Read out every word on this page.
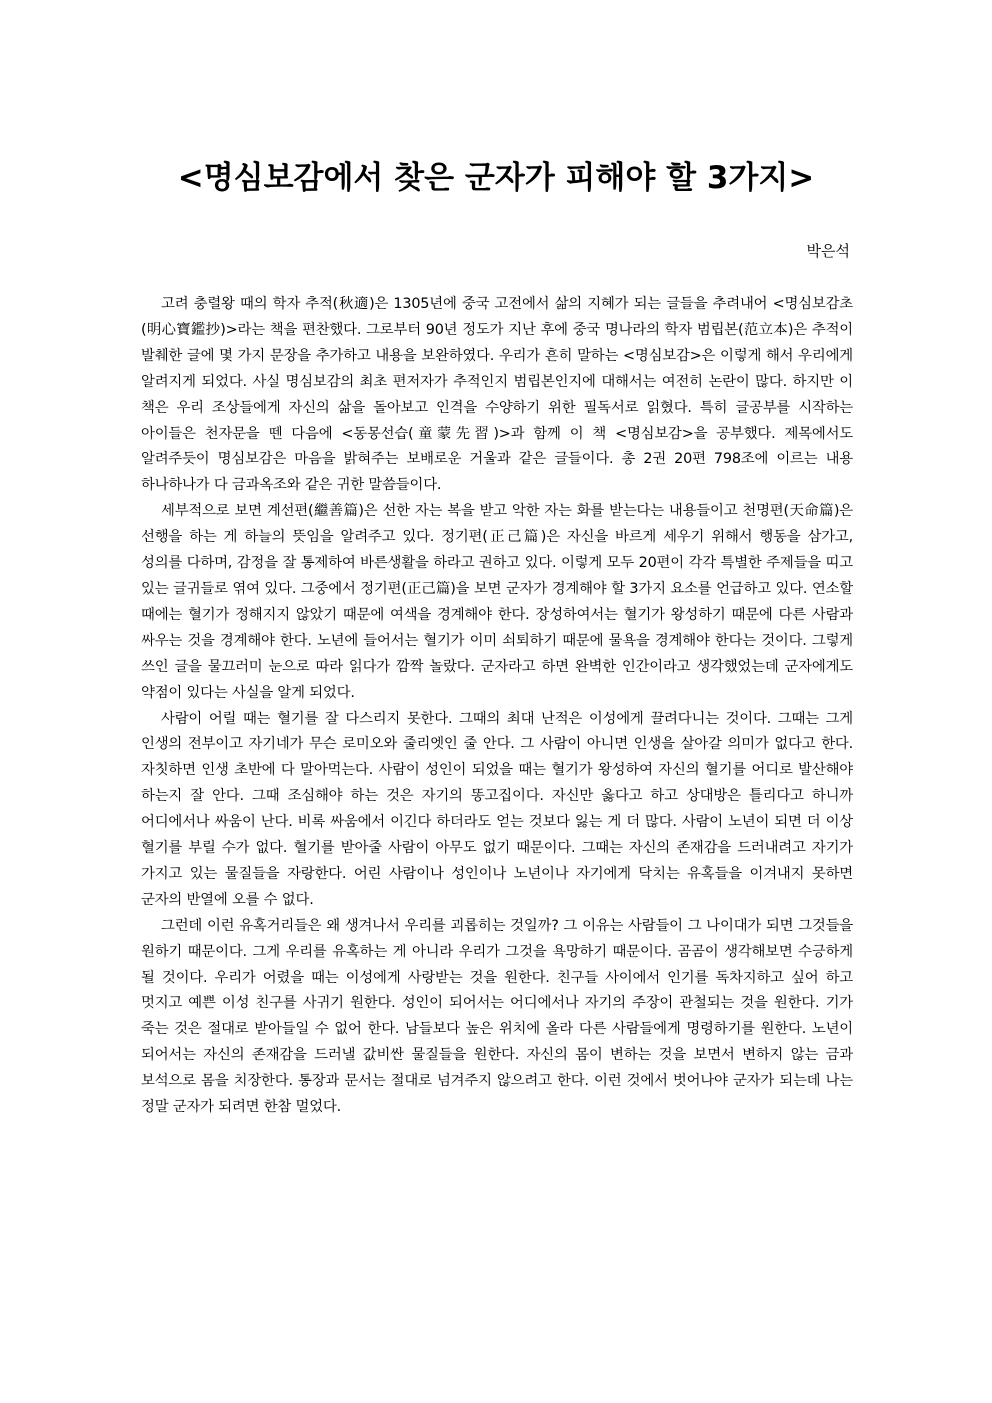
<명심보감에서 찾은 군자가 피해야 할 3가지>
박은석

고려 충렬왕 때의 학자 추적(秋適)은 1305년에 중국 고전에서 삶의 지혜가 되는 글들을 추려내어 <명심보감초(明心寶鑑抄)>라는 책을 편찬했다. 그로부터 90년 정도가 지난 후에 중국 명나라의 학자 범립본(范立本)은 추적이 발췌한 글에 몇 가지 문장을 추가하고 내용을 보완하였다. 우리가 흔히 말하는 <명심보감>은 이렇게 해서 우리에게 알려지게 되었다. 사실 명심보감의 최초 편저자가 추적인지 범립본인지에 대해서는 여전히 논란이 많다. 하지만 이 책은 우리 조상들에게 자신의 삶을 돌아보고 인격을 수양하기 위한 필독서로 읽혔다. 특히 글공부를 시작하는 아이들은 천자문을 뗀 다음에 <동몽선습(童蒙先習)>과 함께 이 책 <명심보감>을 공부했다. 제목에서도 알려주듯이 명심보감은 마음을 밝혀주는 보배로운 거울과 같은 글들이다. 총 2권 20편 798조에 이르는 내용 하나하나가 다 금과옥조와 같은 귀한 말씀들이다.

세부적으로 보면 계선편(繼善篇)은 선한 자는 복을 받고 악한 자는 화를 받는다는 내용들이고 천명편(天命篇)은 선행을 하는 게 하늘의 뜻임을 알려주고 있다. 정기편(正己篇)은 자신을 바르게 세우기 위해서 행동을 삼가고, 성의를 다하며, 감정을 잘 통제하여 바른생활을 하라고 권하고 있다. 이렇게 모두 20편이 각각 특별한 주제들을 띠고 있는 글귀들로 엮여 있다. 그중에서 정기편(正己篇)을 보면 군자가 경계해야 할 3가지 요소를 언급하고 있다. 연소할 때에는 혈기가 정해지지 않았기 때문에 여색을 경계해야 한다. 장성하여서는 혈기가 왕성하기 때문에 다른 사람과 싸우는 것을 경계해야 한다. 노년에 들어서는 혈기가 이미 쇠퇴하기 때문에 물욕을 경계해야 한다는 것이다. 그렇게 쓰인 글을 물끄러미 눈으로 따라 읽다가 깜짝 놀랐다. 군자라고 하면 완벽한 인간이라고 생각했었는데 군자에게도 약점이 있다는 사실을 알게 되었다.

사람이 어릴 때는 혈기를 잘 다스리지 못한다. 그때의 최대 난적은 이성에게 끌려다니는 것이다. 그때는 그게 인생의 전부이고 자기네가 무슨 로미오와 줄리엣인 줄 안다. 그 사람이 아니면 인생을 살아갈 의미가 없다고 한다. 자칫하면 인생 초반에 다 말아먹는다. 사람이 성인이 되었을 때는 혈기가 왕성하여 자신의 혈기를 어디로 발산해야 하는지 잘 안다. 그때 조심해야 하는 것은 자기의 똥고집이다. 자신만 옳다고 하고 상대방은 틀리다고 하니까 어디에서나 싸움이 난다. 비록 싸움에서 이긴다 하더라도 얻는 것보다 잃는 게 더 많다. 사람이 노년이 되면 더 이상 혈기를 부릴 수가 없다. 혈기를 받아줄 사람이 아무도 없기 때문이다. 그때는 자신의 존재감을 드러내려고 자기가 가지고 있는 물질들을 자랑한다. 어린 사람이나 성인이나 노년이나 자기에게 닥치는 유혹들을 이겨내지 못하면 군자의 반열에 오를 수 없다.

그런데 이런 유혹거리들은 왜 생겨나서 우리를 괴롭히는 것일까? 그 이유는 사람들이 그 나이대가 되면 그것들을 원하기 때문이다. 그게 우리를 유혹하는 게 아니라 우리가 그것을 욕망하기 때문이다. 곰곰이 생각해보면 수긍하게 될 것이다. 우리가 어렸을 때는 이성에게 사랑받는 것을 원한다. 친구들 사이에서 인기를 독차지하고 싶어 하고 멋지고 예쁜 이성 친구를 사귀기 원한다. 성인이 되어서는 어디에서나 자기의 주장이 관철되는 것을 원한다. 기가 죽는 것은 절대로 받아들일 수 없어 한다. 남들보다 높은 위치에 올라 다른 사람들에게 명령하기를 원한다. 노년이 되어서는 자신의 존재감을 드러낼 값비싼 물질들을 원한다. 자신의 몸이 변하는 것을 보면서 변하지 않는 금과 보석으로 몸을 치장한다. 통장과 문서는 절대로 넘겨주지 않으려고 한다. 이런 것에서 벗어나야 군자가 되는데 나는 정말 군자가 되려면 한참 멀었다.
